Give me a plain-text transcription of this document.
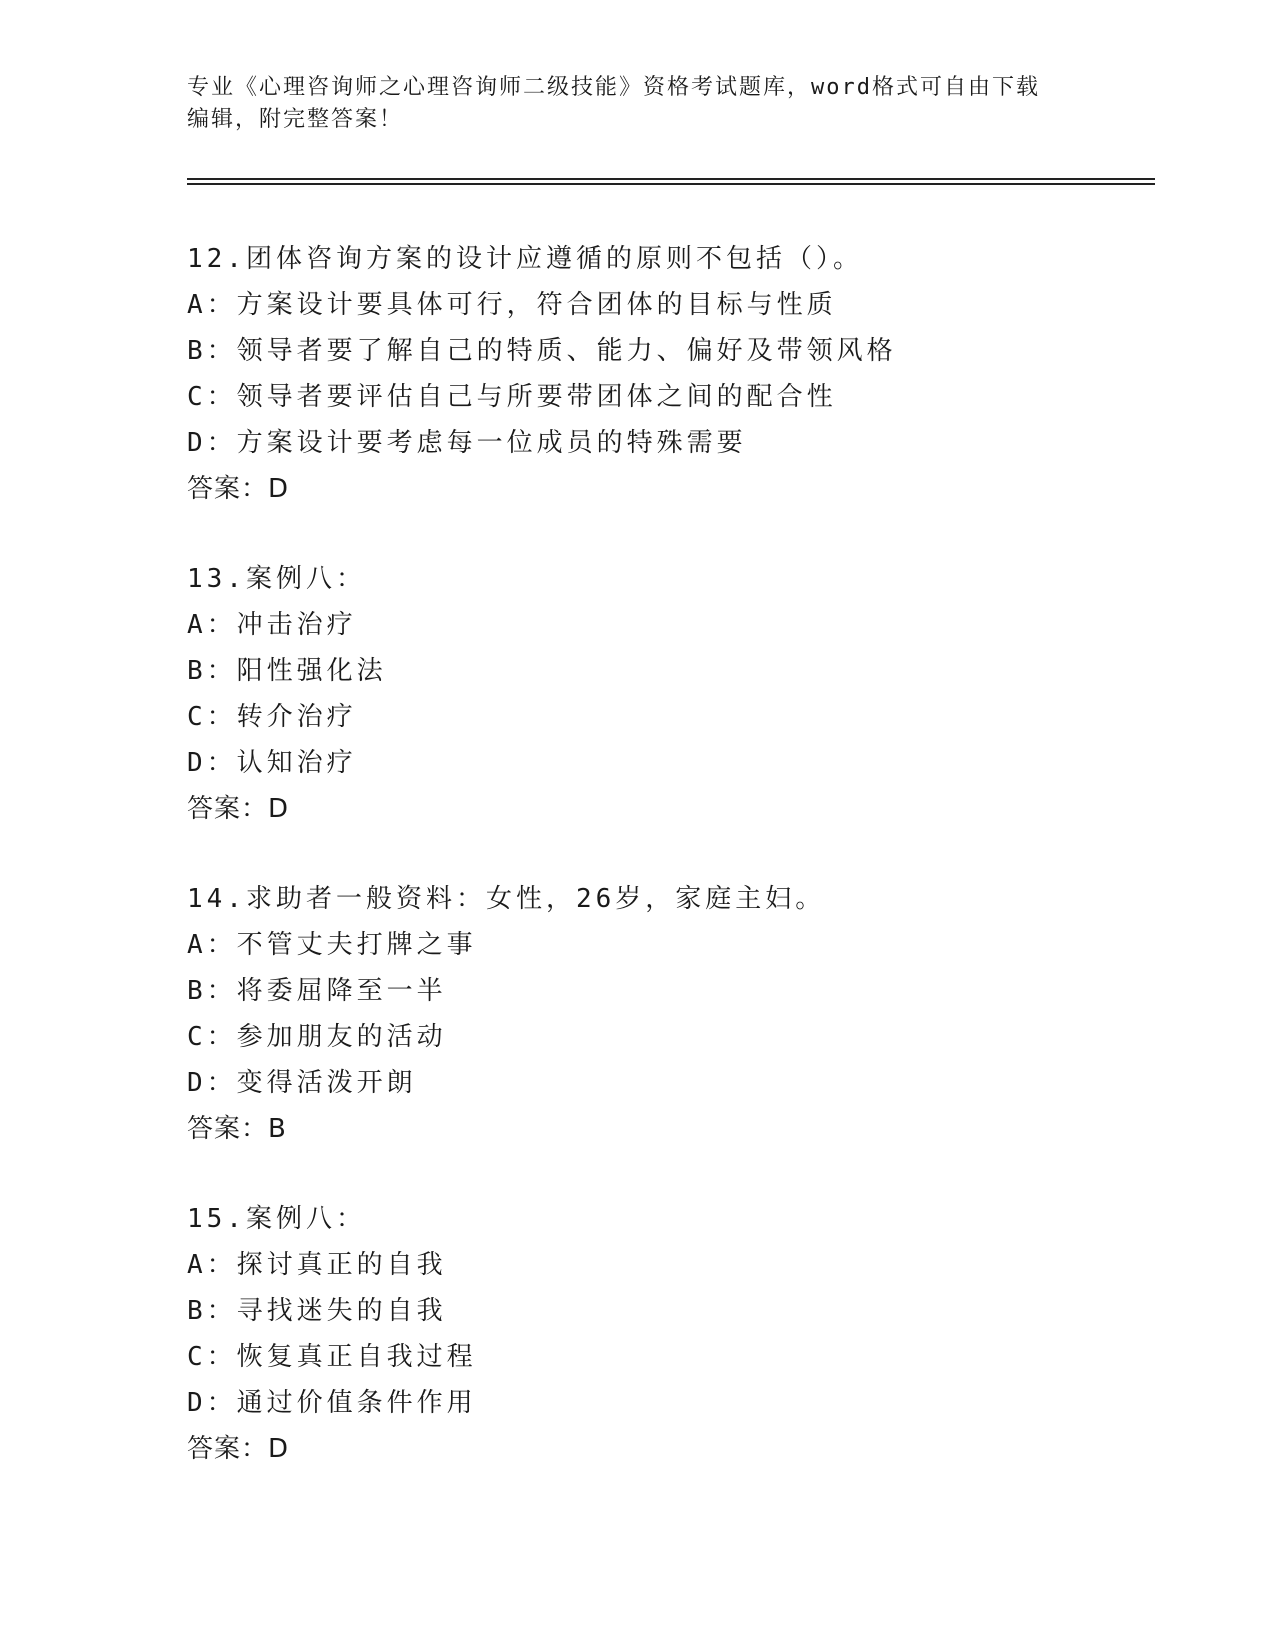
专业《心理咨询师之心理咨询师二级技能》资格考试题库，word格式可自由下载
编辑，附完整答案！
12.团体咨询方案的设计应遵循的原则不包括（）。
A：方案设计要具体可行，符合团体的目标与性质
B：领导者要了解自己的特质、能力、偏好及带领风格
C：领导者要评估自己与所要带团体之间的配合性
D：方案设计要考虑每一位成员的特殊需要
答案：D
13.案例八：
A：冲击治疗
B：阳性强化法
C：转介治疗
D：认知治疗
答案：D
14.求助者一般资料：女性，26岁，家庭主妇。
A：不管丈夫打牌之事
B：将委屈降至一半
C：参加朋友的活动
D：变得活泼开朗
答案：B
15.案例八：
A：探讨真正的自我
B：寻找迷失的自我
C：恢复真正自我过程
D：通过价值条件作用
答案：D
